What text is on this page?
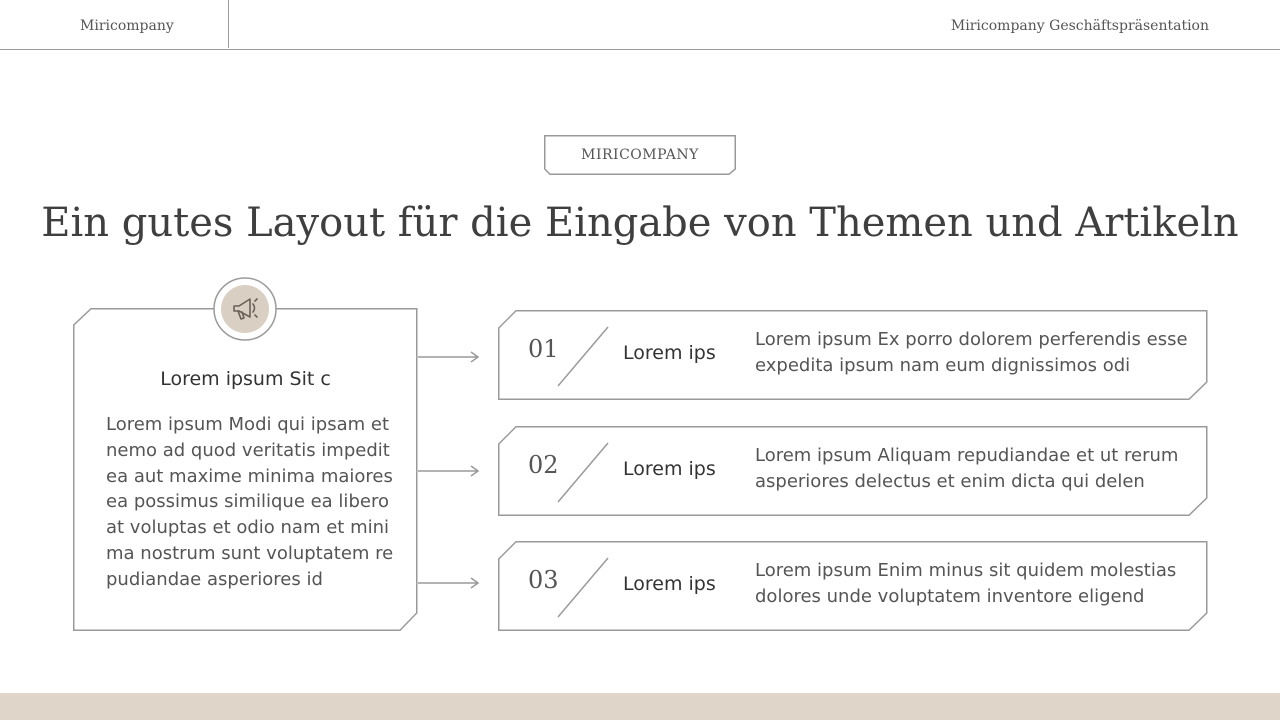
Miricompany	Miricompany Geschäftspräsentation
MIRICOMPANY
Ein gutes Layout für die Eingabe von Themen und Artikeln
Lorem ipsum Sit c
Lorem ipsum Modi qui ipsam et nemo ad quod veritatis impedit ea aut maxime minima maiores ea possimus similique ea libero at voluptas et odio nam et mini ma nostrum sunt voluptatem re pudiandae asperiores id
01	Lorem ips
Lorem ipsum Ex porro dolorem perferendis esse expedita ipsum nam eum dignissimos odi
02	Lorem ips
Lorem ipsum Aliquam repudiandae et ut rerum asperiores delectus et enim dicta qui delen
03	Lorem ips
Lorem ipsum Enim minus sit quidem molestias dolores unde voluptatem inventore eligend
